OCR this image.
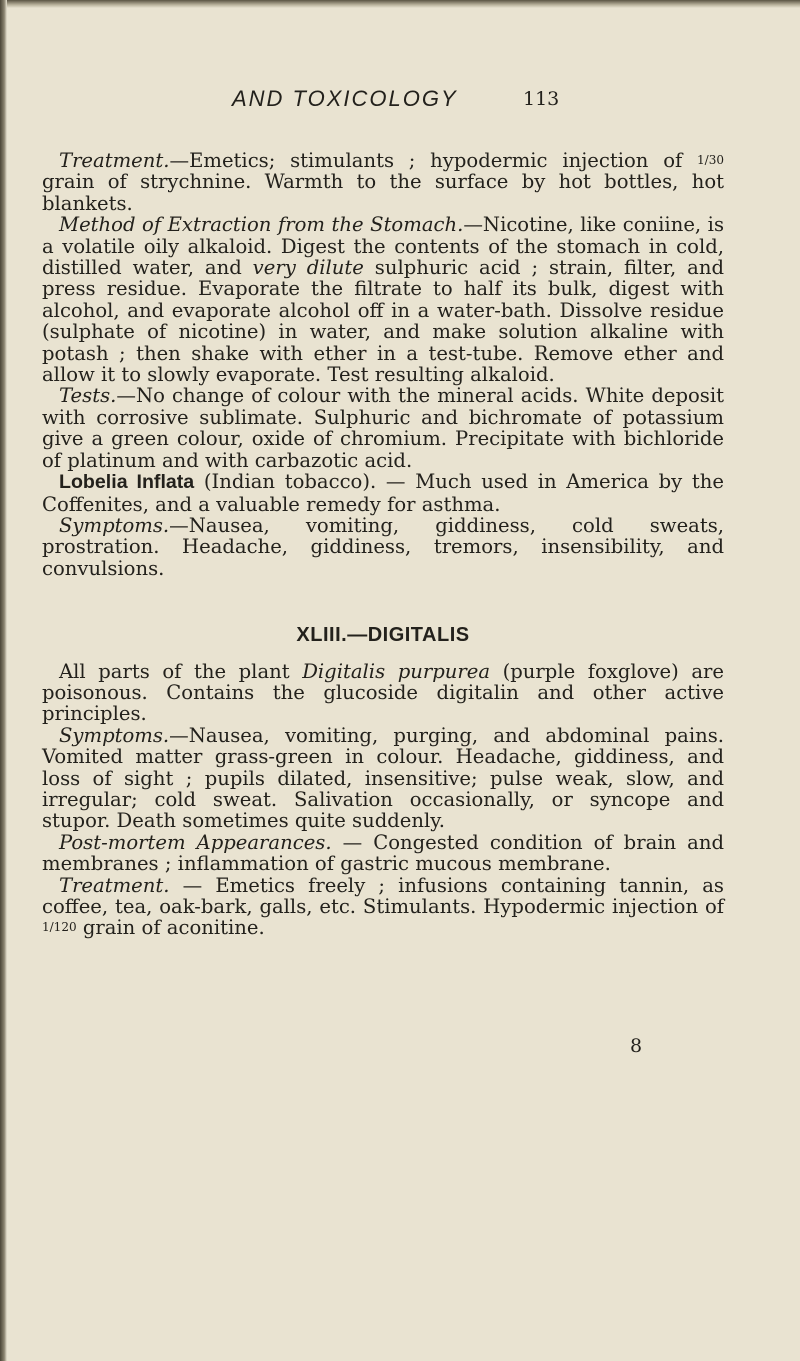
AND TOXICOLOGY	113

Treatment.—Emetics; stimulants ; hypodermic injection of 1/30 grain of strychnine. Warmth to the surface by hot bottles, hot blankets.

Method of Extraction from the Stomach.—Nicotine, like coniine, is a volatile oily alkaloid. Digest the contents of the stomach in cold, distilled water, and very dilute sulphuric acid ; strain, filter, and press residue. Evaporate the filtrate to half its bulk, digest with alcohol, and evaporate alcohol off in a water-bath. Dissolve residue (sulphate of nicotine) in water, and make solution alkaline with potash ; then shake with ether in a test-tube. Remove ether and allow it to slowly evaporate. Test resulting alkaloid.

Tests.—No change of colour with the mineral acids. White deposit with corrosive sublimate. Sulphuric and bichromate of potassium give a green colour, oxide of chromium. Precipitate with bichloride of platinum and with carbazotic acid.

Lobelia Inflata (Indian tobacco). — Much used in America by the Coffenites, and a valuable remedy for asthma.

Symptoms.—Nausea, vomiting, giddiness, cold sweats, prostration. Headache, giddiness, tremors, insensibility, and convulsions.

XLIII.—DIGITALIS

All parts of the plant Digitalis purpurea (purple foxglove) are poisonous. Contains the glucoside digitalin and other active principles.

Symptoms.—Nausea, vomiting, purging, and abdominal pains. Vomited matter grass-green in colour. Headache, giddiness, and loss of sight ; pupils dilated, insensitive; pulse weak, slow, and irregular; cold sweat. Salivation occasionally, or syncope and stupor. Death sometimes quite suddenly.

Post-mortem Appearances. — Congested condition of brain and membranes ; inflammation of gastric mucous membrane.

Treatment. — Emetics freely ; infusions containing tannin, as coffee, tea, oak-bark, galls, etc. Stimulants. Hypodermic injection of 1/120 grain of aconitine.

8
